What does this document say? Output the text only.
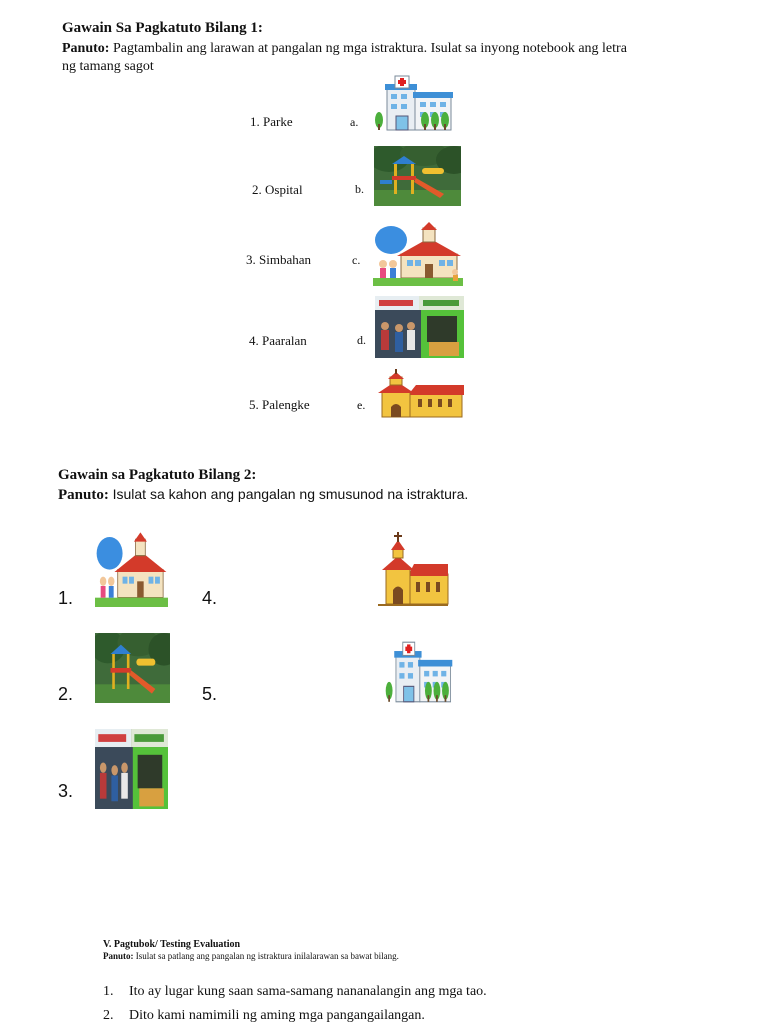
Gawain Sa Pagkatuto Bilang 1:
Panuto: Pagtambalin ang larawan at pangalan ng mga istraktura. Isulat sa inyong notebook ang letra
ng tamang sagot
1. Parke
2. Ospital
3. Simbahan
4. Paaralan
5. Palengke
a.
b.
c.
d.
e.
Gawain sa Pagkatuto Bilang 2:
Panuto: Isulat sa kahon ang pangalan ng smusunod na istraktura.
1.
2.
3.
4.
5.
V. Pagtubok/ Testing Evaluation
Panuto: Isulat sa patlang ang pangalan ng istraktura inilalarawan sa bawat bilang.
1. Ito ay lugar kung saan sama-samang nananalangin ang mga tao.
2. Dito kami namimili ng aming mga pangangailangan.
